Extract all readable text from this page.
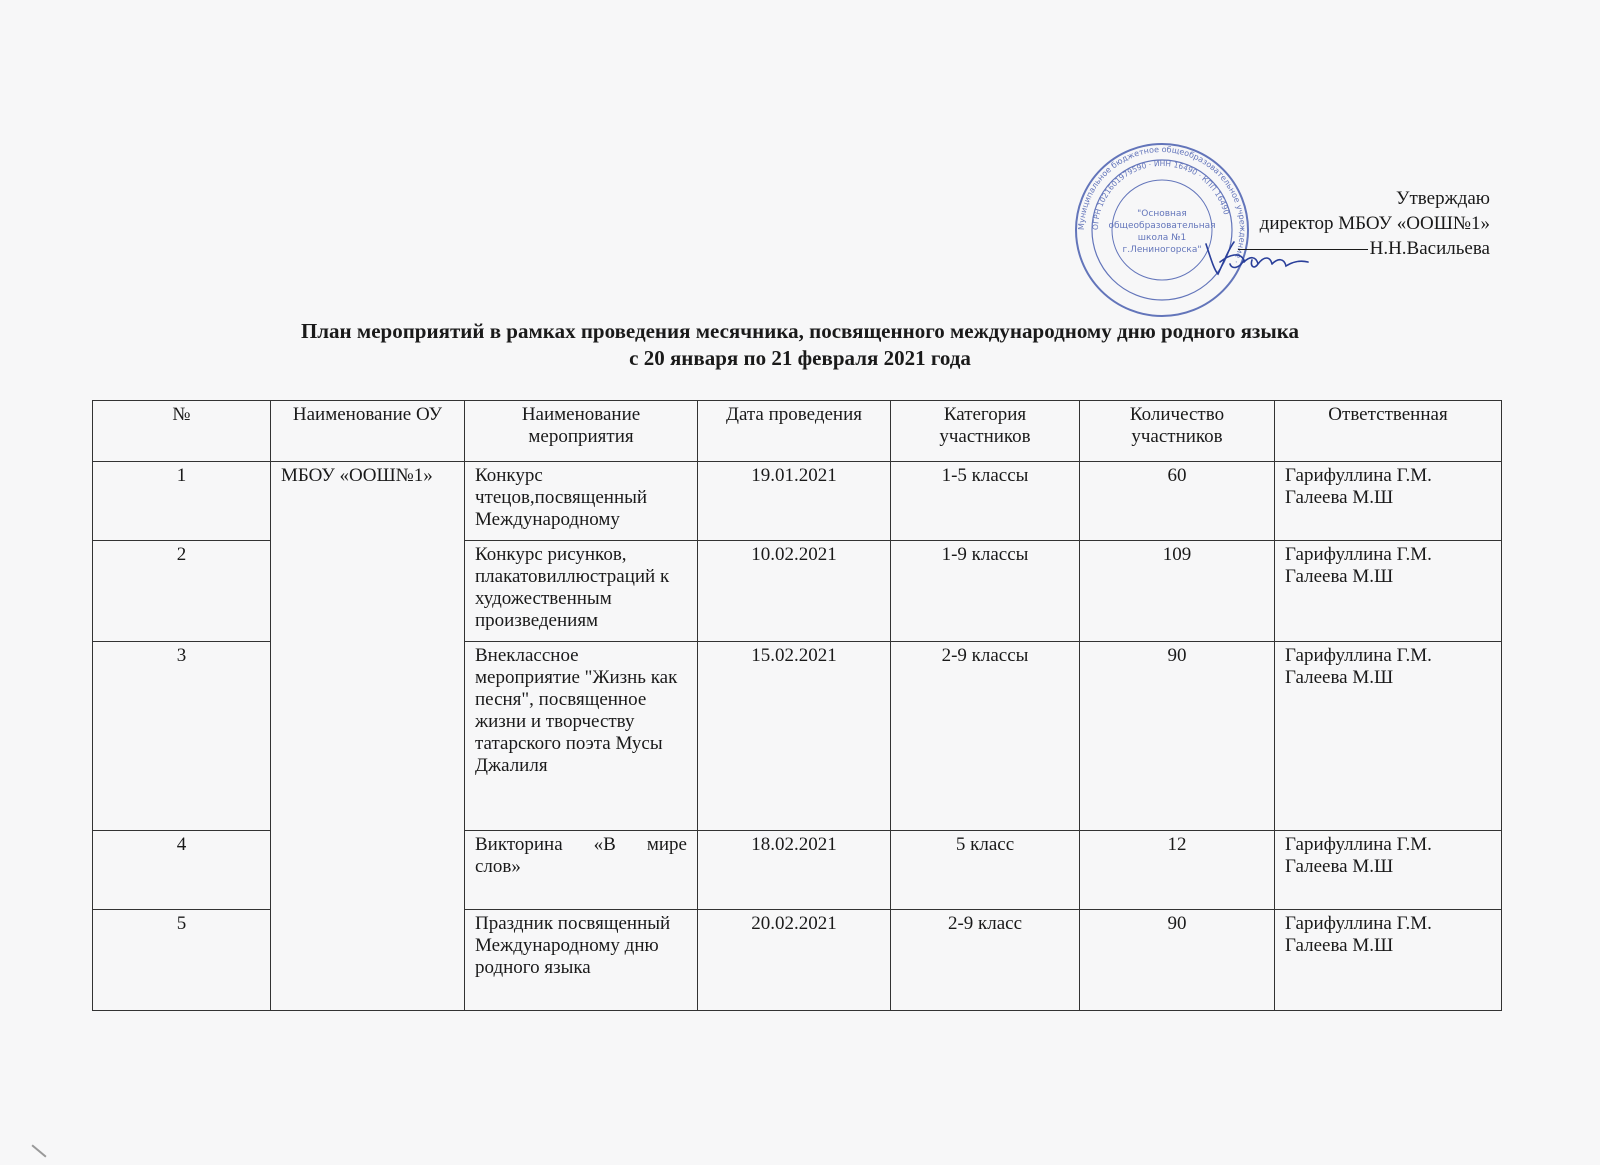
Муниципальное бюджетное общеобразовательное учреждение ·
ОГРН 1021601979590 · ИНН 16490 · КПП 16490
"Основная
общеобразовательная
школа №1
г.Лениногорска"
Утверждаю
директор МБОУ «ООШ№1»
Н.Н.Васильева
План мероприятий в рамках проведения месячника, посвященного международному дню родного языка
с 20 января по 21 февраля 2021 года
№	Наименование ОУ	Наименование мероприятия	Дата проведения	Категория участников	Количество участников	Ответственная
1	МБОУ «ООШ№1»	Конкурс чтецов,посвященный Международному	19.01.2021	1-5 классы	60	Гарифуллина Г.М.
Галеева М.Ш

2		Конкурс рисунков, плакатовиллюстраций к художественным произведениям	10.02.2021	1-9 классы	109	Гарифуллина Г.М.
Галеева М.Ш

3		Внеклассное мероприятие "Жизнь как песня", посвященное жизни и творчеству татарского поэта Мусы Джалиля	15.02.2021	2-9 классы	90	Гарифуллина Г.М.
Галеева М.Ш

4		Викторина «В мире
слов»	18.02.2021	5 класс	12	Гарифуллина Г.М.
Галеева М.Ш

5		Праздник посвященный Международному дню родного языка	20.02.2021	2-9 класс	90	Гарифуллина Г.М.
Галеева М.Ш
